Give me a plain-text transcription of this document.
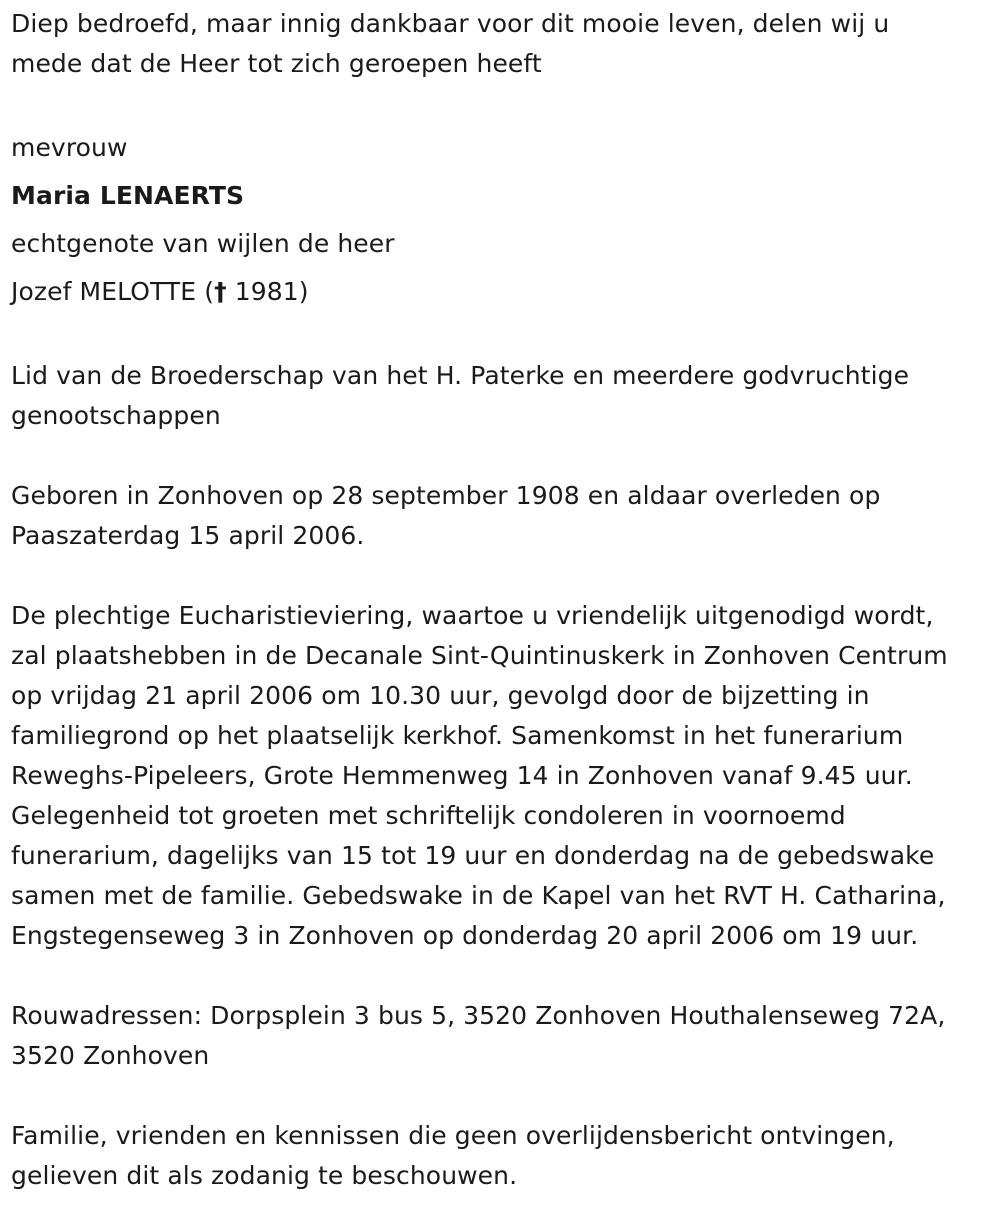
Diep bedroefd, maar innig dankbaar voor dit mooie leven, delen wij u
mede dat de Heer tot zich geroepen heeft

mevrouw
Maria LENAERTS
echtgenote van wijlen de heer
Jozef MELOTTE († 1981)

Lid van de Broederschap van het H. Paterke en meerdere godvruchtige
genootschappen

Geboren in Zonhoven op 28 september 1908 en aldaar overleden op
Paaszaterdag 15 april 2006.

De plechtige Eucharistieviering, waartoe u vriendelijk uitgenodigd wordt,
zal plaatshebben in de Decanale Sint-Quintinuskerk in Zonhoven Centrum
op vrijdag 21 april 2006 om 10.30 uur, gevolgd door de bijzetting in
familiegrond op het plaatselijk kerkhof. Samenkomst in het funerarium
Reweghs-Pipeleers, Grote Hemmenweg 14 in Zonhoven vanaf 9.45 uur.
Gelegenheid tot groeten met schriftelijk condoleren in voornoemd
funerarium, dagelijks van 15 tot 19 uur en donderdag na de gebedswake
samen met de familie. Gebedswake in de Kapel van het RVT H. Catharina,
Engstegenseweg 3 in Zonhoven op donderdag 20 april 2006 om 19 uur.

Rouwadressen: Dorpsplein 3 bus 5, 3520 Zonhoven Houthalenseweg 72A,
3520 Zonhoven

Familie, vrienden en kennissen die geen overlijdensbericht ontvingen,
gelieven dit als zodanig te beschouwen.
